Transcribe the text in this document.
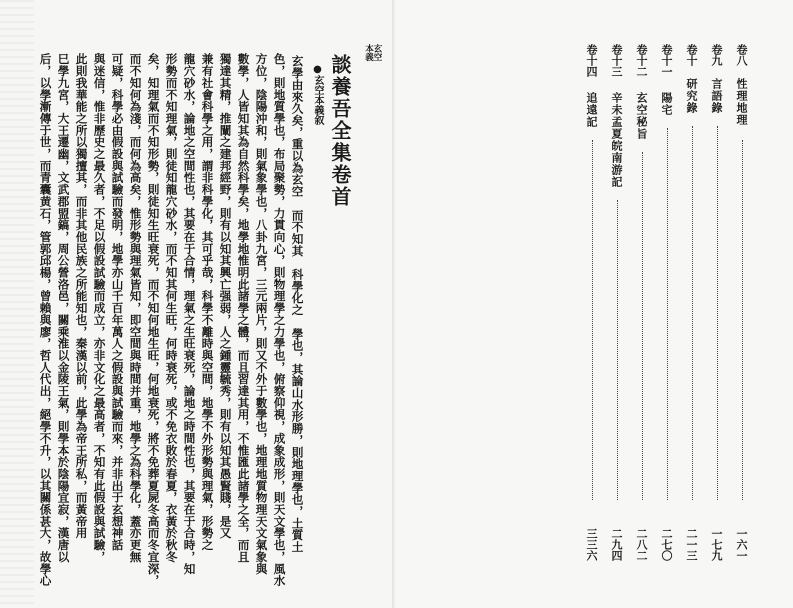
玄空
本義
談養吾全集卷首
●玄空本義叙
玄學由來久矣，重以為玄空　而不知其　科學化之　學也，其論山水形勝，則地理學也，土質土
色，則地質學也，布局聚勢，力貫向心，則物理學之力學也，俯察仰視，成象成形，則天文學也，風水
方位，陰陽沖和，則氣象學也，八卦九宮，三元兩片，則又不外于數學也，地理地質物理天文氣象與
數學，人皆知其為自然科學矣，地學地惟明此諸學之體，而且習達其用，不惟匯此諸學之全，而且
獨達其精，推闡之建邦經野，則有以知其興亡强弱，人之鍾靈毓秀，則有以知其愚賢賤，是又
兼有社會科學之用，謂非科學化，其可乎哉，科學不離時與空間，地學不外形勢與理氣，形勢之
龍穴砂水，論地之空間性也，其要在于合情，理氣之生旺衰死，論地之時間性也，其要在于合時，知
形勢而不知理氣，則徒知龍穴砂水，而不知其何生旺，何時衰死，或不免衣敗於春夏，衣黃於秋冬
矣，知理氣而不知形勢，則徒知生旺衰死，而不知何地生旺，何地衰死，將不免葬夏屍冬高而冬宜深，
而不知何為淺，而何為高矣，惟形勢與理氣皆知，即空間與時間并重，地學之為科學化，蓋亦更無
可疑，科學必由假設與試驗而發明，地學亦山千百年萬人之假設與試驗而來，并非出于玄想神話
與迷信，惟非歷史之最久者，不足以假設試驗而成立，亦非文化之最高者，不知有此假設與試驗，
此則我華能之所以獨擅其，而非其他民族之所能知也，秦漢以前，此學為帝王所私，而黃帝用
巳學九宮，大王遷幽，文武郡盟鎬，周公營洛邑，關乘淮以金陵王氣，則學本於陰陽宜寂，漢唐以
后，以學漸傳于世，而青囊黄石，管郭邱楊，曾賴與廖，哲人代出，絕學不升，以其關係甚大，故學心	卷八
性理地理
一六一
卷九
言語錄
一七九
卷十
研究錄
二一三
卷十一
陽宅
二七〇
卷十二
玄空秘旨
二八二
卷十三
辛未孟夏皖南游記
二九四
卷十四
追遠記
三三六
